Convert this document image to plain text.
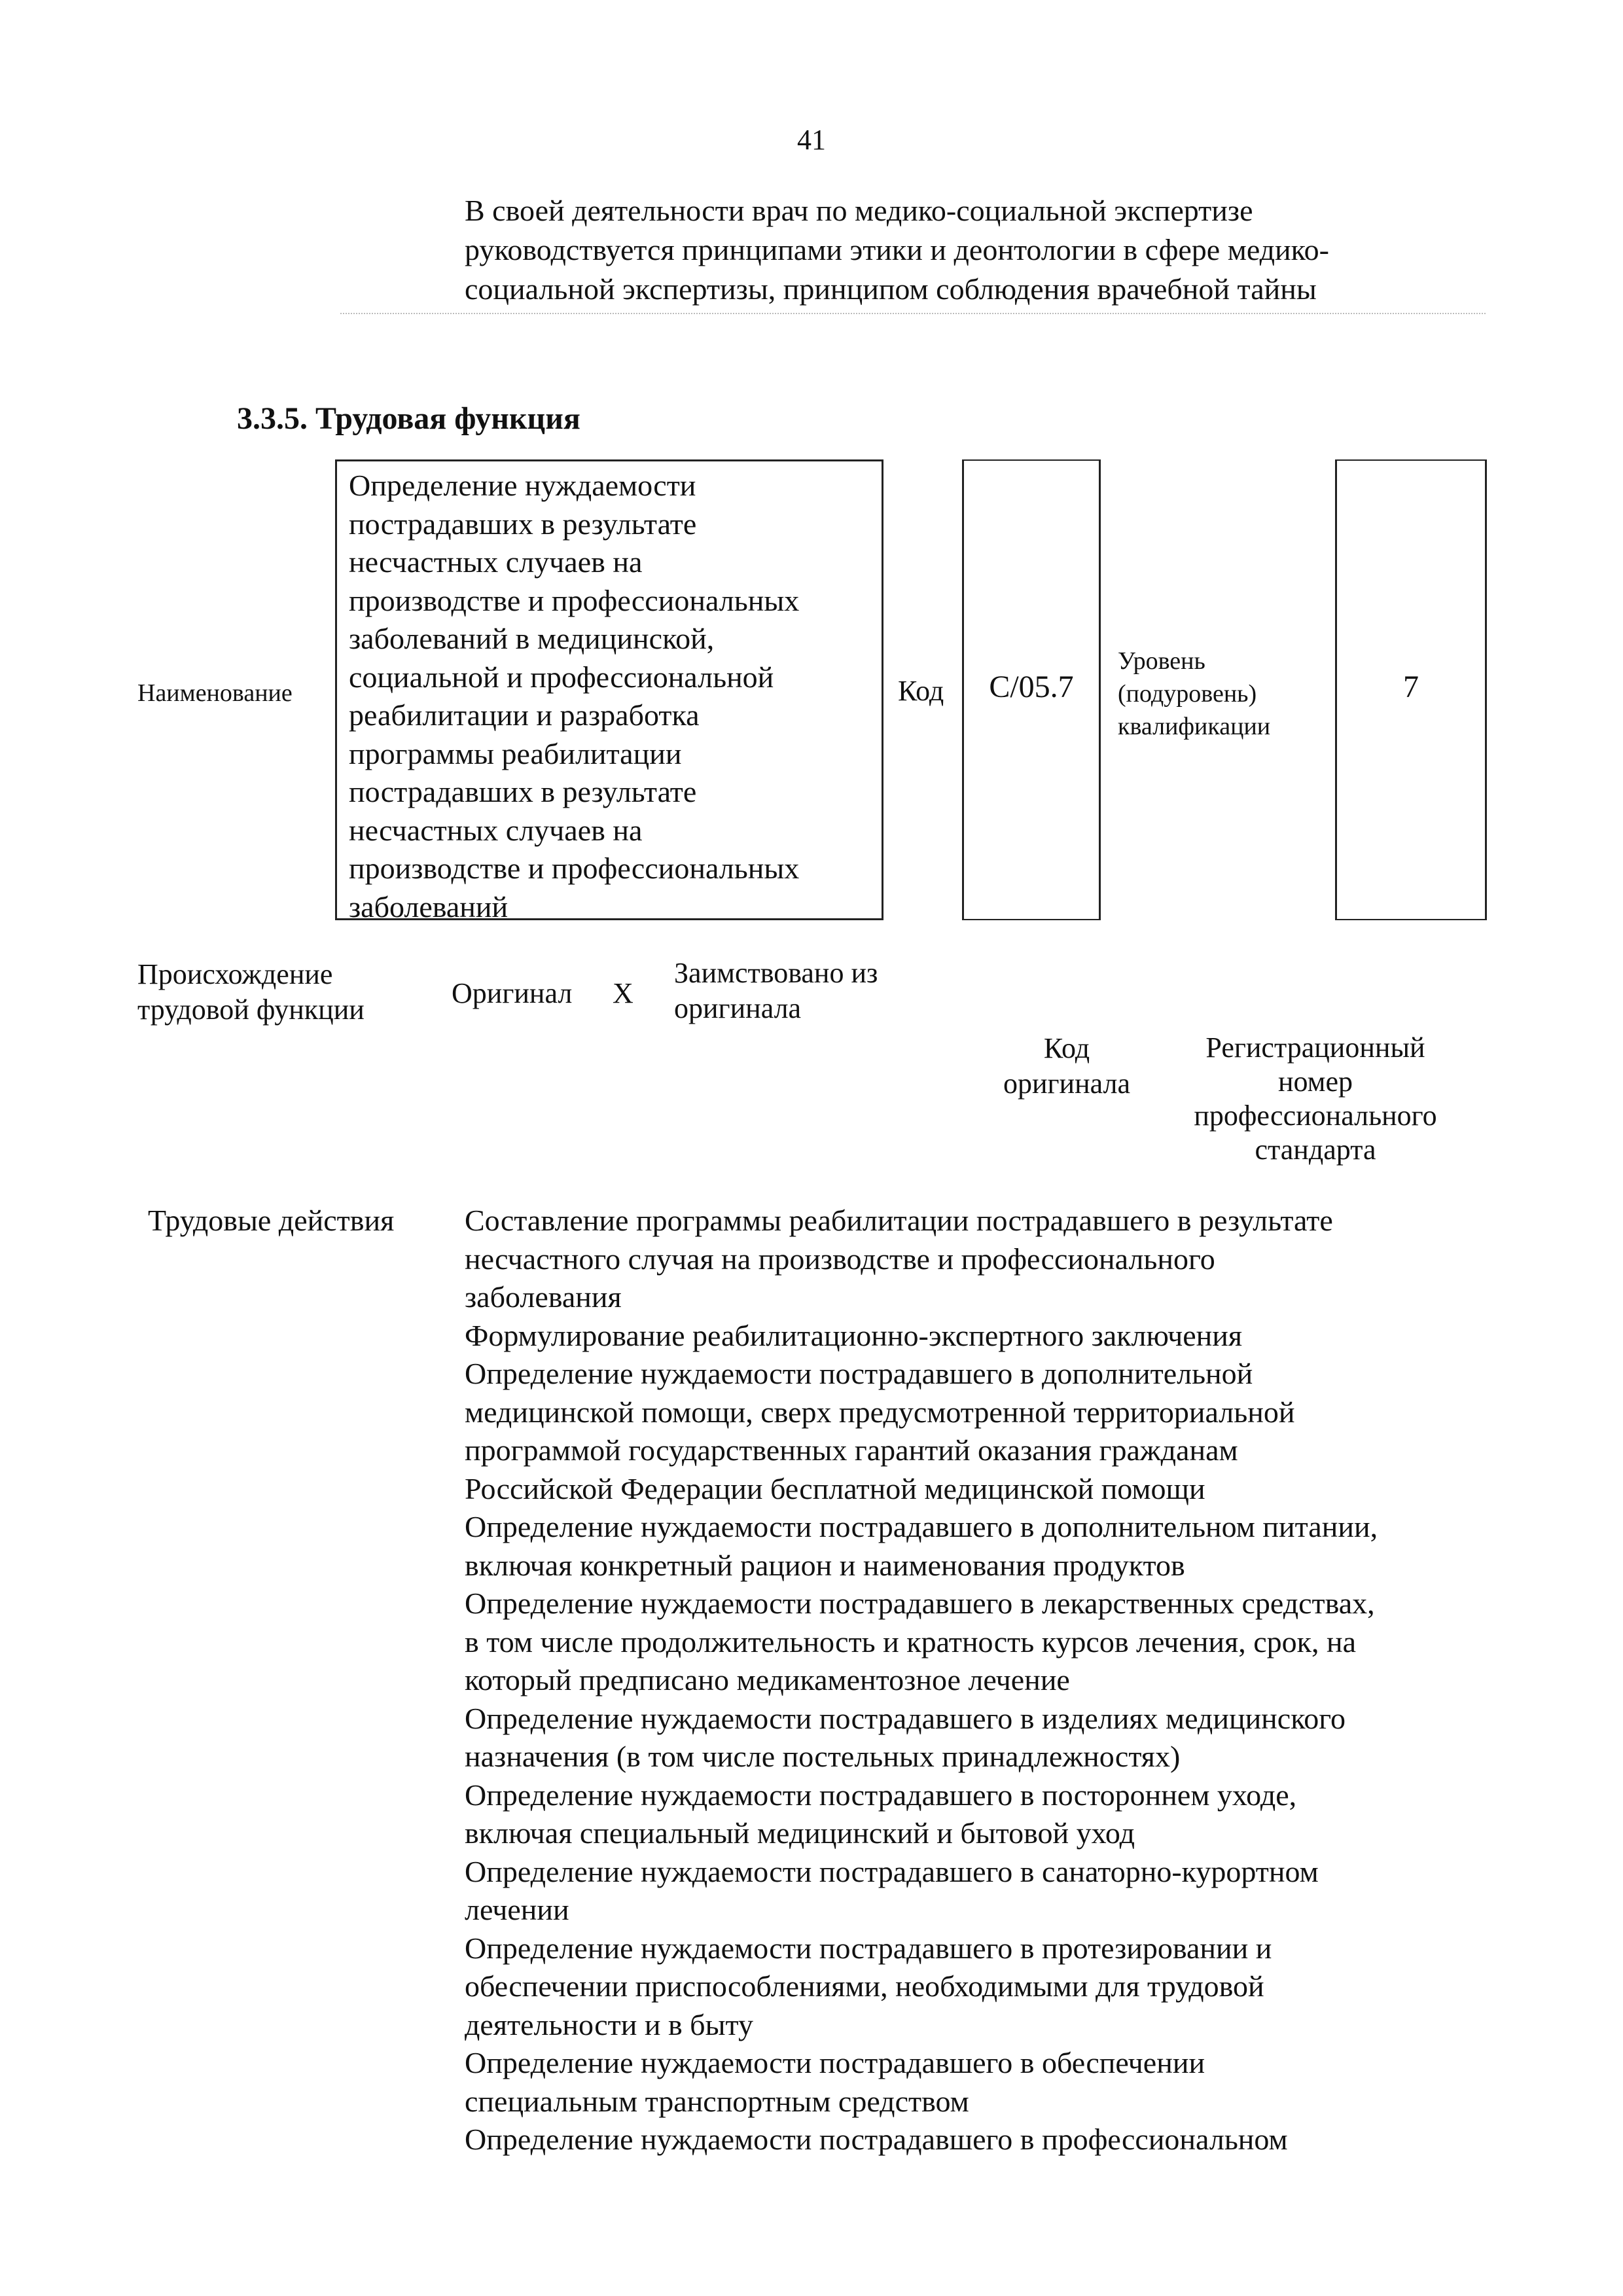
41
В своей деятельности врач по медико-социальной экспертизе
руководствуется принципами этики и деонтологии в сфере медико-
социальной экспертизы, принципом соблюдения врачебной тайны
3.3.5. Трудовая функция
Наименование
Определение нуждаемости
пострадавших в результате
несчастных случаев на
производстве и профессиональных
заболеваний в медицинской,
социальной и профессиональной
реабилитации и разработка
программы реабилитации
пострадавших в результате
несчастных случаев на
производстве и профессиональных
заболеваний
Код	C/05.7
Уровень
(подуровень)
квалификации
7
Происхождение
трудовой функции
Оригинал X
Заимствовано из
оригинала
Код
оригинала
Регистрационный
номер
профессионального
стандарта
Трудовые действия Составление программы реабилитации пострадавшего в результате
несчастного случая на производстве и профессионального
заболевания
Формулирование реабилитационно-экспертного заключения
Определение нуждаемости пострадавшего в дополнительной
медицинской помощи, сверх предусмотренной территориальной
программой государственных гарантий оказания гражданам
Российской Федерации бесплатной медицинской помощи
Определение нуждаемости пострадавшего в дополнительном питании,
включая конкретный рацион и наименования продуктов
Определение нуждаемости пострадавшего в лекарственных средствах,
в том числе продолжительность и кратность курсов лечения, срок, на
который предписано медикаментозное лечение
Определение нуждаемости пострадавшего в изделиях медицинского
назначения (в том числе постельных принадлежностях)
Определение нуждаемости пострадавшего в постороннем уходе,
включая специальный медицинский и бытовой уход
Определение нуждаемости пострадавшего в санаторно-курортном
лечении
Определение нуждаемости пострадавшего в протезировании и
обеспечении приспособлениями, необходимыми для трудовой
деятельности и в быту
Определение нуждаемости пострадавшего в обеспечении
специальным транспортным средством
Определение нуждаемости пострадавшего в профессиональном
